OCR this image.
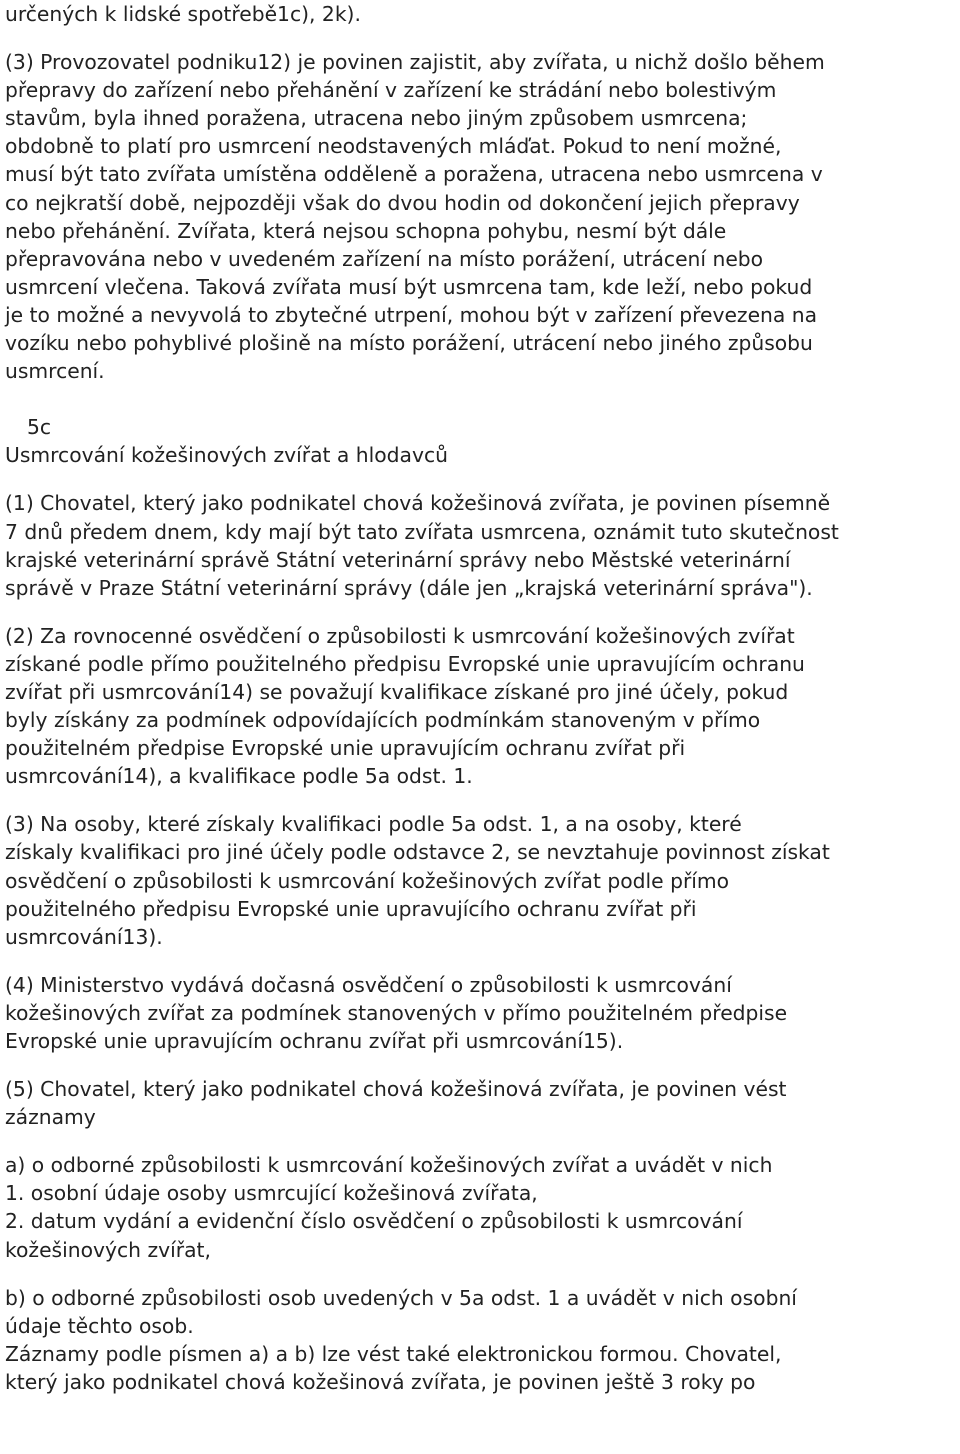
určených k lidské spotřebě1c), 2k).
(3) Provozovatel podniku12) je povinen zajistit, aby zvířata, u nichž došlo během
přepravy do zařízení nebo přehánění v zařízení ke strádání nebo bolestivým
stavům, byla ihned poražena, utracena nebo jiným způsobem usmrcena;
obdobně to platí pro usmrcení neodstavených mláďat. Pokud to není možné,
musí být tato zvířata umístěna odděleně a poražena, utracena nebo usmrcena v
co nejkratší době, nejpozději však do dvou hodin od dokončení jejich přepravy
nebo přehánění. Zvířata, která nejsou schopna pohybu, nesmí být dále
přepravována nebo v uvedeném zařízení na místo porážení, utrácení nebo
usmrcení vlečena. Taková zvířata musí být usmrcena tam, kde leží, nebo pokud
je to možné a nevyvolá to zbytečné utrpení, mohou být v zařízení převezena na
vozíku nebo pohyblivé plošině na místo porážení, utrácení nebo jiného způsobu
usmrcení.
5c
Usmrcování kožešinových zvířat a hlodavců
(1) Chovatel, který jako podnikatel chová kožešinová zvířata, je povinen písemně
7 dnů předem dnem, kdy mají být tato zvířata usmrcena, oznámit tuto skutečnost
krajské veterinární správě Státní veterinární správy nebo Městské veterinární
správě v Praze Státní veterinární správy (dále jen „krajská veterinární správa").
(2) Za rovnocenné osvědčení o způsobilosti k usmrcování kožešinových zvířat
získané podle přímo použitelného předpisu Evropské unie upravujícím ochranu
zvířat při usmrcování14) se považují kvalifikace získané pro jiné účely, pokud
byly získány za podmínek odpovídajících podmínkám stanoveným v přímo
použitelném předpise Evropské unie upravujícím ochranu zvířat při
usmrcování14), a kvalifikace podle 5a odst. 1.
(3) Na osoby, které získaly kvalifikaci podle 5a odst. 1, a na osoby, které
získaly kvalifikaci pro jiné účely podle odstavce 2, se nevztahuje povinnost získat
osvědčení o způsobilosti k usmrcování kožešinových zvířat podle přímo
použitelného předpisu Evropské unie upravujícího ochranu zvířat při
usmrcování13).
(4) Ministerstvo vydává dočasná osvědčení o způsobilosti k usmrcování
kožešinových zvířat za podmínek stanovených v přímo použitelném předpise
Evropské unie upravujícím ochranu zvířat při usmrcování15).
(5) Chovatel, který jako podnikatel chová kožešinová zvířata, je povinen vést
záznamy
a) o odborné způsobilosti k usmrcování kožešinových zvířat a uvádět v nich
1. osobní údaje osoby usmrcující kožešinová zvířata,
2. datum vydání a evidenční číslo osvědčení o způsobilosti k usmrcování
kožešinových zvířat,
b) o odborné způsobilosti osob uvedených v 5a odst. 1 a uvádět v nich osobní
údaje těchto osob.
Záznamy podle písmen a) a b) lze vést také elektronickou formou. Chovatel,
který jako podnikatel chová kožešinová zvířata, je povinen ještě 3 roky po
